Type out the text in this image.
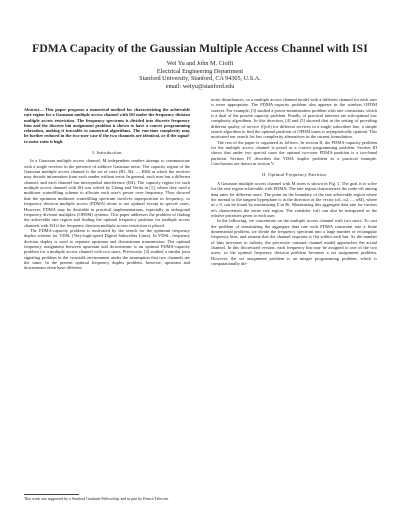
FDMA Capacity of the Gaussian Multiple Access Channel with ISI
Wei Yu and John M. Cioffi
Electrical Engineering Department
Stanford University, Stanford, CA 94305, U.S.A.
email: weiyu@stanford.edu

Abstract— This paper proposes a numerical method for characterizing the achievable rate region for a Gaussian multiple access channel with ISI under the frequency division multiple access restriction. The frequency spectrum is divided into discrete frequency bins and the discrete bin assignment problem is shown to have a convex programming relaxation, making it tractable to numerical algorithms. The run-time complexity may be further reduced in the two-user case if the two channels are identical, or if the signal-to-noise ratio is high.

I. Introduction

In a Gaussian multiple access channel, M independent senders attempt to communicate with a single receiver in the presence of additive Gaussian noise. The capacity region of the Gaussian multiple access channel is the set of rates (R1, R2, ..., RM) at which the receiver may decode information from each sender without error. In general, each user has a different channel, and each channel has intersymbol interference (ISI). The capacity region for such multiple access channel with ISI was solved by Cheng and Verdu in [1], where they used a multiuser waterfilling scheme to allocate each user's power over frequency. They showed that the optimum multiuser waterfilling spectrum involves superposition in frequency, so frequency division multiple access (FDMA) alone is not optimal except in special cases. However, FDMA may be desirable in practical implementations, especially in orthogonal frequency division multiplex (OFDM) systems. This paper addresses the problem of finding the achievable rate region and finding the optimal frequency partition for multiple access channels with ISI if the frequency division multiple access restriction is placed.

The FDMA-capacity problem is motivated by the search for the optimum frequency duplex scheme for VDSL (Very-high-speed Digital Subscriber Lines). In VDSL, frequency division duplex is used to separate upstream and downstream transmission. The optimal frequency assignment between upstream and downstream is an optimal FDMA-capacity problem for a multiple access channel with two users. Previously, [2] studied a similar joint signaling problem in the crosstalk environment under the assumption that two channels are the same. In the present optimal frequency duplex problem, however, upstream and downstream often have different

noise disturbances, so a multiple access channel model with a different channel for each user is more appropriate. The FDMA-capacity problem also appears in the wireless OFDM context. For example, [3] studied a power-minimization problem with rate constraints, which is a dual of the present capacity problem. Finally, of practical interests are sub-optimal low complexity algorithms. In this direction, [4] and [5] showed that in the setting of providing different quality of service (QoS) for different services in a single subscriber line, a simple search algorithm to find the optimal partition of OFDM tones is asymptotically optimal. This motivated our search for low complexity alternatives in the current formulation.

The rest of the paper is organized as follows. In section II, the FDMA-capacity problem for the multiple access channel is posed as a convex programming problem. Section III shows that under two special cases the optimal two-user FDMA partition is a two-band partition. Section IV describes the VDSL duplex problem as a practical example. Conclusions are drawn in section V.

II. Optimal Frequency Partition

A Gaussian multiple access channel with M users is shown in Fig. 1. The goal is to solve for the rate region achievable with FDMA. The rate region characterizes the trade-off among data rates for different users. The point on the boundary of the rate achievable region where the normal to the tangent hyperplane is in the direction of the vector (α1, α2, ..., αM), where αi ≥ 0, can be found by maximizing Σ αi Ri. Maximizing this aggregate data rate for various αi's characterizes the entire rate region. The variables {αi} can also be interpreted as the relative priorities given to each user.

In the following, we concentrate on the multiple access channel with two users. To cast the problem of maximizing the aggregate data rate with FDMA constraint into a finite dimensional problem, we divide the frequency spectrum into a large number of rectangular frequency bins, and assume that the channel response is flat within each bin. As the number of bins increases to infinity, the piecewise constant channel model approaches the actual channel. In this discretized version, each frequency bin may be assigned to one of the two users, so the optimal frequency division problem becomes a set assignment problem. However, the set assignment problem is an integer programming problem, which is computationally dif-

This work was supported by a Stanford Graduate Fellowship, and in part by France Telecom.
